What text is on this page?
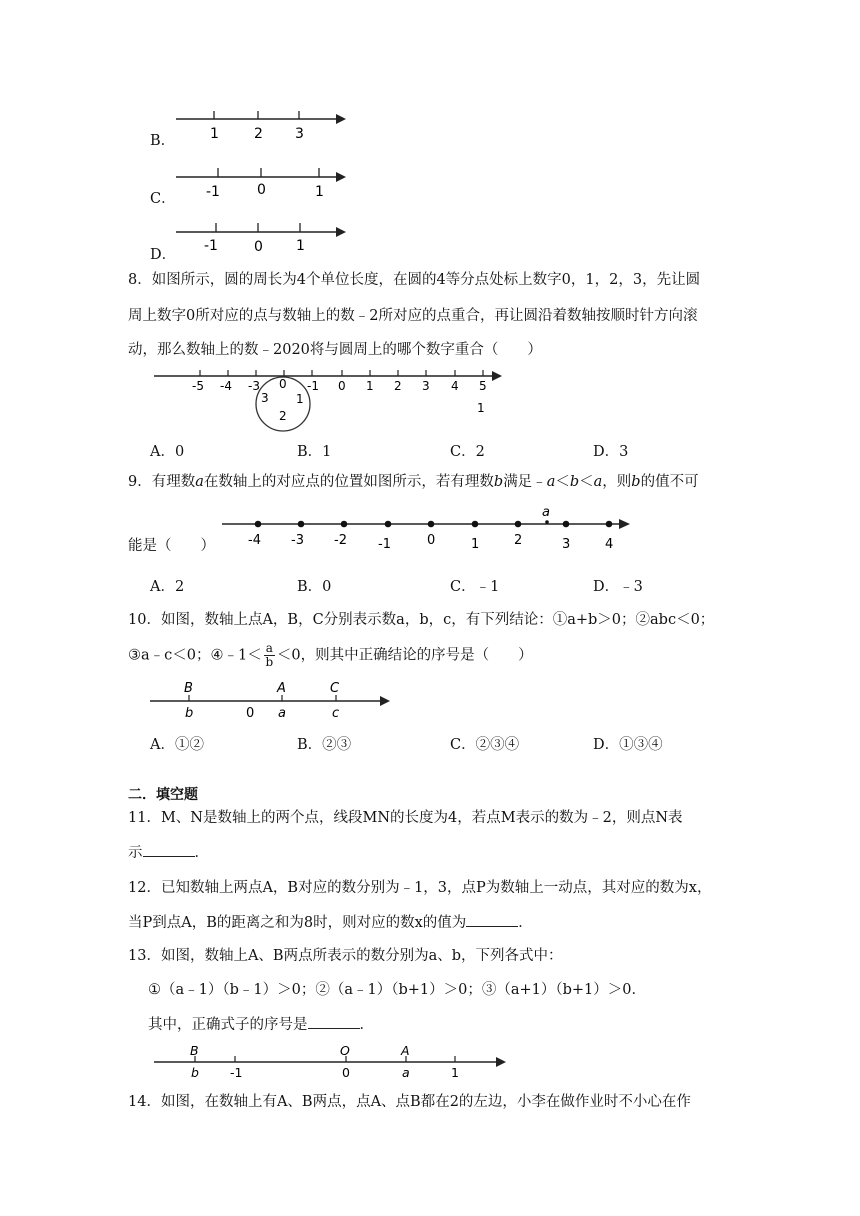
B． 1	2 3
C． -1	0	1
D．
-1	0 1
8．如图所示，圆的周长为4个单位长度，在圆的4等分点处标上数字0，1，2，3，先让圆
周上数字0所对应的点与数轴上的数﹣2所对应的点重合，再让圆沿着数轴按顺时针方向滚
动，那么数轴上的数﹣2020将与圆周上的哪个数字重合（　　）
-5 -4 -3 0 -1 0 1 2 3 4 5
3 1
2
1
A．0	B．1	C．2	D．3
9．有理数a在数轴上的对应点的位置如图所示，若有理数b满足﹣a＜b＜a，则b的值不可
能是（　　）	-4 -3 -2 -1	0	1	2	3	4
a
A．2	B．0	C．﹣1	D．﹣3
10．如图，数轴上点A，B，C分别表示数a，b，c，有下列结论：①a+b＞0；②abc＜0；
③a﹣c＜0；④﹣1＜ $\frac{a}{b} <0$，则其中正确结论的序号是（　　）
B	A	C
b	0 a	c
A．①②	B．②③	C．②③④	D．①③④
二．填空题
11．M、N是数轴上的两个点，线段MN的长度为4，若点M表示的数为﹣2，则点N表
示	．
12．已知数轴上两点A，B对应的数分别为﹣1，3，点P为数轴上一动点，其对应的数为x，
当P到点A，B的距离之和为8时，则对应的数x的值为	．
13．如图，数轴上A、B两点所表示的数分别为a、b，下列各式中：
①（a﹣1）（b﹣1）＞0；②（a﹣1）（b+1）＞0；③（a+1）（b+1）＞0．
其中，正确式子的序号是	．
B	O	A
b -1	0	a	1
14．如图，在数轴上有A、B两点，点A、点B都在2的左边，小李在做作业时不小心在作
